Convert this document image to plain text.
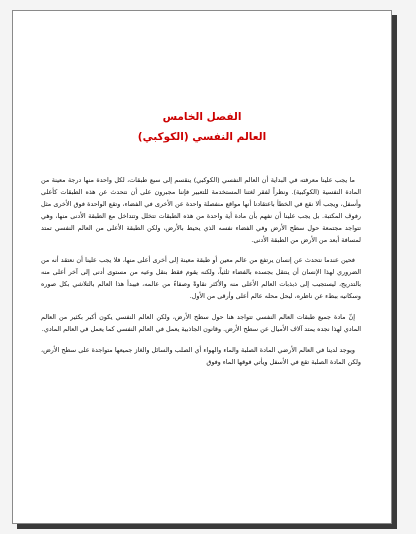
الفصل الخامس
العالم النفسي (الكوكبي)

ما يجب علينا معرفته في البداية أن العالم النفسي (الكوكبي) ينقسم إلى سبع طبقات، لكل واحدة منها درجة معينة من المادة النفسية (الكوكبية). ونظراً لفقر لغتنا المستخدمة للتعبير فإننا مجبرون على أن نتحدث عن هذه الطبقات كأعلى وأسفل، ويجب ألا نقع في الخطأ باعتقادنا أنها مواقع منفصلة واحدة عن الأخرى في الفضاء، وتقع الواحدة فوق الأخرى مثل رفوف المكتبة. بل يجب علينا أن نفهم بأن مادة أية واحدة من هذه الطبقات تتخلل وتتداخل مع الطبقة الأدنى منها، وهي تتواجد مجتمعة حول سطح الأرض وفي الفضاء نفسه الذي يحيط بالأرض، ولكن الطبقة الأعلى من العالم النفسي تمتد لمسافة أبعد من الأرض من الطبقة الأدنى.

فحين عندما نتحدث عن إنسان يرتفع من عالم معين أو طبقة معينة إلى أخرى أعلى منها، فلا يجب علينا أن نعتقد أنه من الضروري لهذا الإنسان أن ينتقل بجسده بالفضاء ثلثياً، ولكنه يقوم فقط بنقل وعيه من مستوى أدنى إلى آخر أعلى منه بالتدريج، ليستجيب إلى ذبذبات العالم الأعلى منه والأكثر نقاوةً وصفاءً من عالمه، فيبدأ هذا العالم بالتلاشي بكل صوره وسكانيه ببطء عن ناظره، ليحل محله عالم أعلى وأرقى من الأول.

إنّ مادة جميع طبقات العالم النفسي تتواجد هنا حول سطح الأرض، ولكن العالم النفسي يكون أكبر بكثير من العالم المادي لهذا نجده يمتد آلاف الأميال عن سطح الأرض. وقانون الجاذبية يعمل في العالم النفسي كما يعمل في العالم المادي.

ويوجد لدينا في العالم الأرضي المادة الصلبة والماء والهواء أي الصلب والسائل والغاز جميعها متواجدة على سطح الأرض، ولكن المادة الصلبة تقع في الأسفل ويأتي فوقها الماء وفوق
